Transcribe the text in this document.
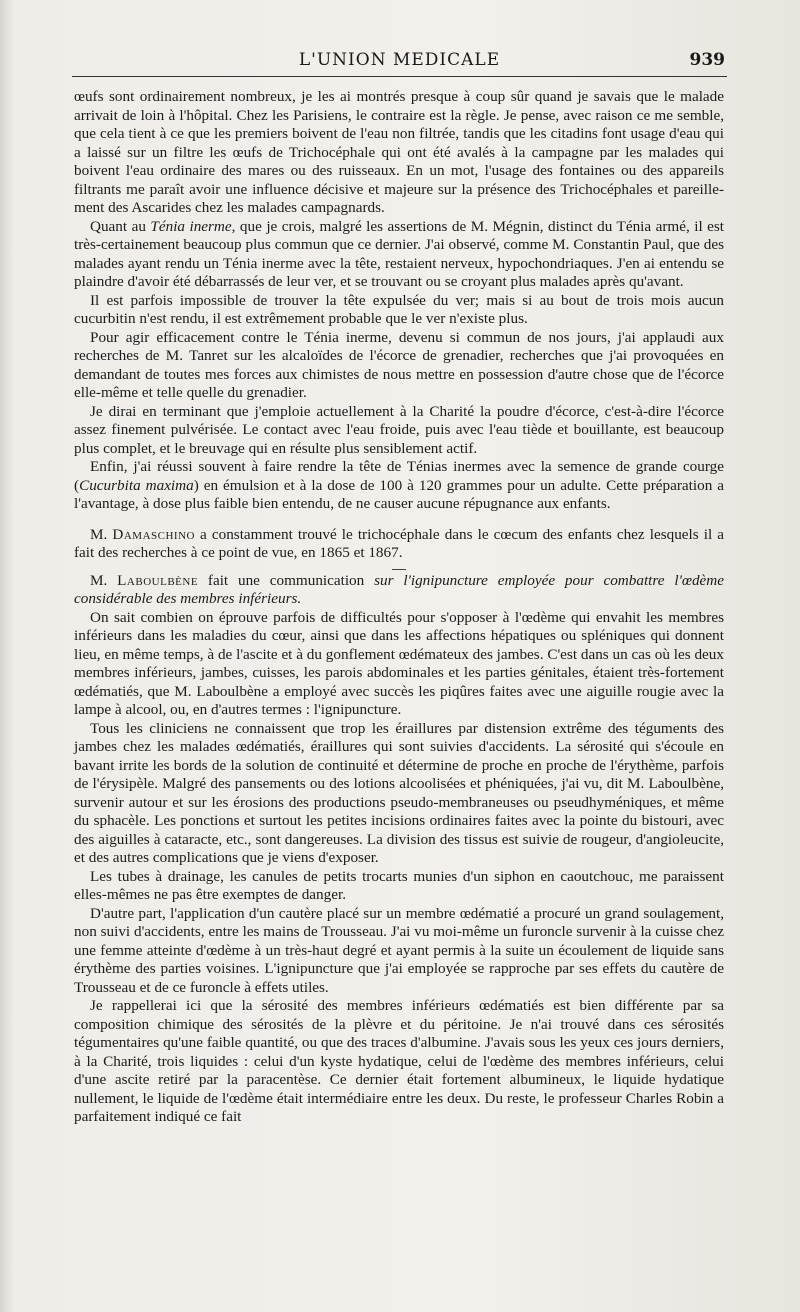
L'UNION MEDICALE	939

œufs sont ordinairement nombreux, je les ai montrés presque à coup sûr quand je savais que le malade arrivait de loin à l'hôpital. Chez les Parisiens, le contraire est la règle. Je pense, avec raison ce me semble, que cela tient à ce que les premiers boivent de l'eau non filtrée, tandis que les citadins font usage d'eau qui a laissé sur un filtre les œufs de Trichocéphale qui ont été avalés à la campagne par les malades qui boivent l'eau ordinaire des mares ou des ruisseaux. En un mot, l'usage des fontaines ou des appareils filtrants me paraît avoir une influence décisive et majeure sur la présence des Trichocéphales et pareillement des Ascarides chez les malades campagnards.

Quant au Ténia inerme, que je crois, malgré les assertions de M. Mégnin, distinct du Ténia armé, il est très-certainement beaucoup plus commun que ce dernier. J'ai observé, comme M. Constantin Paul, que des malades ayant rendu un Ténia inerme avec la tête, restaient nerveux, hypochondriaques. J'en ai entendu se plaindre d'avoir été débarrassés de leur ver, et se trouvant ou se croyant plus malades après qu'avant.

Il est parfois impossible de trouver la tête expulsée du ver; mais si au bout de trois mois aucun cucurbitin n'est rendu, il est extrêmement probable que le ver n'existe plus.

Pour agir efficacement contre le Ténia inerme, devenu si commun de nos jours, j'ai applaudi aux recherches de M. Tanret sur les alcaloïdes de l'écorce de grenadier, recherches que j'ai provoquées en demandant de toutes mes forces aux chimistes de nous mettre en possession d'autre chose que de l'écorce elle-même et telle quelle du grenadier.

Je dirai en terminant que j'emploie actuellement à la Charité la poudre d'écorce, c'est-à-dire l'écorce assez finement pulvérisée. Le contact avec l'eau froide, puis avec l'eau tiède et bouillante, est beaucoup plus complet, et le breuvage qui en résulte plus sensiblement actif.

Enfin, j'ai réussi souvent à faire rendre la tête de Ténias inermes avec la semence de grande courge (Cucurbita maxima) en émulsion et à la dose de 100 à 120 grammes pour un adulte. Cette préparation a l'avantage, à dose plus faible bien entendu, de ne causer aucune répugnance aux enfants.

M. Damaschino a constamment trouvé le trichocéphale dans le cœcum des enfants chez lesquels il a fait des recherches à ce point de vue, en 1865 et 1867.

M. Laboulbène fait une communication sur l'ignipuncture employée pour combattre l'œdème considérable des membres inférieurs.

On sait combien on éprouve parfois de difficultés pour s'opposer à l'œdème qui envahit les membres inférieurs dans les maladies du cœur, ainsi que dans les affections hépatiques ou spléniques qui donnent lieu, en même temps, à de l'ascite et à du gonflement œdémateux des jambes. C'est dans un cas où les deux membres inférieurs, jambes, cuisses, les parois abdominales et les parties génitales, étaient très-fortement œdématiés, que M. Laboulbène a employé avec succès les piqûres faites avec une aiguille rougie avec la lampe à alcool, ou, en d'autres termes : l'ignipuncture.

Tous les cliniciens ne connaissent que trop les éraillures par distension extrême des téguments des jambes chez les malades œdématiés, éraillures qui sont suivies d'accidents. La sérosité qui s'écoule en bavant irrite les bords de la solution de continuité et détermine de proche en proche de l'érythème, parfois de l'érysipèle. Malgré des pansements ou des lotions alcoolisées et phéniquées, j'ai vu, dit M. Laboulbène, survenir autour et sur les érosions des productions pseudo-membraneuses ou pseudhyméniques, et même du sphacèle. Les ponctions et surtout les petites incisions ordinaires faites avec la pointe du bistouri, avec des aiguilles à cataracte, etc., sont dangereuses. La division des tissus est suivie de rougeur, d'angioleucite, et des autres complications que je viens d'exposer.

Les tubes à drainage, les canules de petits trocarts munies d'un siphon en caoutchouc, me paraissent elles-mêmes ne pas être exemptes de danger.

D'autre part, l'application d'un cautère placé sur un membre œdématié a procuré un grand soulagement, non suivi d'accidents, entre les mains de Trousseau. J'ai vu moi-même un furoncle survenir à la cuisse chez une femme atteinte d'œdème à un très-haut degré et ayant permis à la suite un écoulement de liquide sans érythème des parties voisines. L'ignipuncture que j'ai employée se rapproche par ses effets du cautère de Trousseau et de ce furoncle à effets utiles.

Je rappellerai ici que la sérosité des membres inférieurs œdématiés est bien différente par sa composition chimique des sérosités de la plèvre et du péritoine. Je n'ai trouvé dans ces sérosités tégumentaires qu'une faible quantité, ou que des traces d'albumine. J'avais sous les yeux ces jours derniers, à la Charité, trois liquides : celui d'un kyste hydatique, celui de l'œdème des membres inférieurs, celui d'une ascite retiré par la paracentèse. Ce dernier était fortement albumineux, le liquide hydatique nullement, le liquide de l'œdème était intermédiaire entre les deux. Du reste, le professeur Charles Robin a parfaitement indiqué ce fait
